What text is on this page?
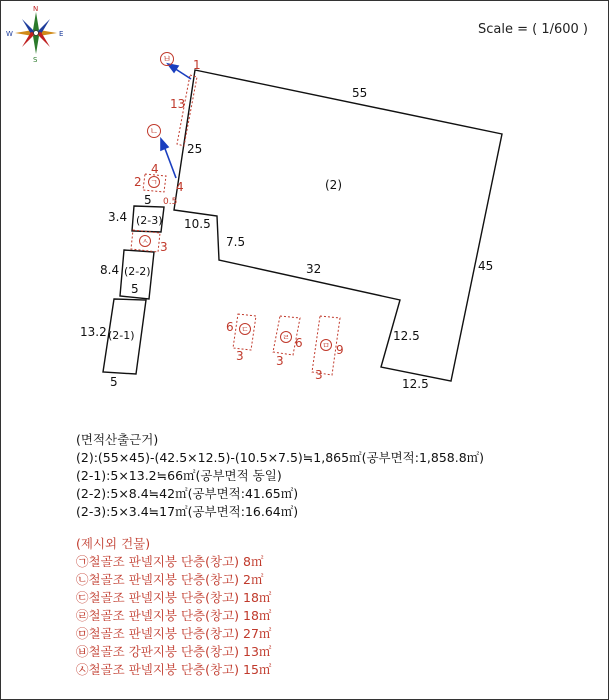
N
S
E
W
ㅂ
ㄴ
ㄱ
ㅅ
ㄷ
ㄹ
ㅁ
55
45
12.5
12.5
32
7.5
10.5
25
(2)
(2-3)
3.4
5
(2-2)
8.4
5
(2-1)
13.2
5
1
13
4
2	4
0.5
3
6
3
6
3
9
3
Scale = ( 1/600 )
(면적산출근거)
(2):(55×45)-(42.5×12.5)-(10.5×7.5)≒1,865㎡(공부면적:1,858.8㎡)
(2-1):5×13.2≒66㎡(공부면적 동일)
(2-2):5×8.4≒42㎡(공부면적:41.65㎡)
(2-3):5×3.4≒17㎡(공부면적:16.64㎡)
(제시외 건물)
㉠철골조 판넬지붕 단층(창고) 8㎡
㉡철골조 판넬지붕 단층(창고) 2㎡
㉢철골조 판넬지붕 단층(창고) 18㎡
㉣철골조 판넬지붕 단층(창고) 18㎡
㉤철골조 판넬지붕 단층(창고) 27㎡
㉥철골조 강판지붕 단층(창고) 13㎡
㉦철골조 판넬지붕 단층(창고) 15㎡
